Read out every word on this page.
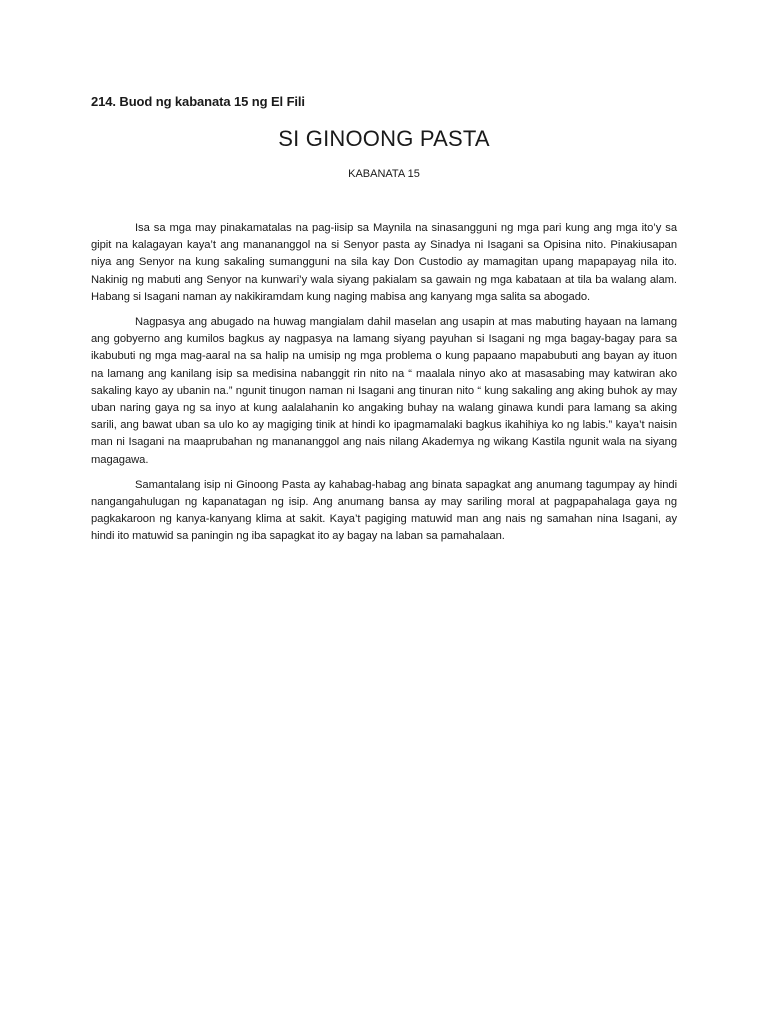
214. Buod ng kabanata 15 ng El Fili
SI GINOONG PASTA
KABANATA 15

Isa sa mga may pinakamatalas na pag-iisip sa Maynila na sinasangguni ng mga pari kung ang mga ito’y sa gipit na kalagayan kaya’t ang manananggol na si Senyor pasta ay Sinadya ni Isagani sa Opisina nito. Pinakiusapan niya ang Senyor na kung sakaling sumangguni na sila kay Don Custodio ay mamagitan upang mapapayag nila ito. Nakinig ng mabuti ang Senyor na kunwari’y wala siyang pakialam sa gawain ng mga kabataan at tila ba walang alam. Habang si Isagani naman ay nakikiramdam kung naging mabisa ang kanyang mga salita sa abogado.

Nagpasya ang abugado na huwag mangialam dahil maselan ang usapin at mas mabuting hayaan na lamang ang gobyerno ang kumilos bagkus ay nagpasya na lamang siyang payuhan si Isagani ng mga bagay-bagay para sa ikabubuti ng mga mag-aaral na sa halip na umisip ng mga problema o kung papaano mapabubuti ang bayan ay ituon na lamang ang kanilang isip sa medisina nabanggit rin nito na “ maalala ninyo ako at masasabing may katwiran ako sakaling kayo ay ubanin na.” ngunit tinugon naman ni Isagani ang tinuran nito “ kung sakaling ang aking buhok ay may uban naring gaya ng sa inyo at kung aalalahanin ko angaking buhay na walang ginawa kundi para lamang sa aking sarili, ang bawat uban sa ulo ko ay magiging tinik at hindi ko ipagmamalaki bagkus ikahihiya ko ng labis.” kaya’t naisin man ni Isagani na maaprubahan ng manananggol ang nais nilang Akademya ng wikang Kastila ngunit wala na siyang magagawa.

Samantalang isip ni Ginoong Pasta ay kahabag-habag ang binata sapagkat ang anumang tagumpay ay hindi nangangahulugan ng kapanatagan ng isip. Ang anumang bansa ay may sariling moral at pagpapahalaga gaya ng pagkakaroon ng kanya-kanyang klima at sakit. Kaya’t pagiging matuwid man ang nais ng samahan nina Isagani, ay hindi ito matuwid sa paningin ng iba sapagkat ito ay bagay na laban sa pamahalaan.
